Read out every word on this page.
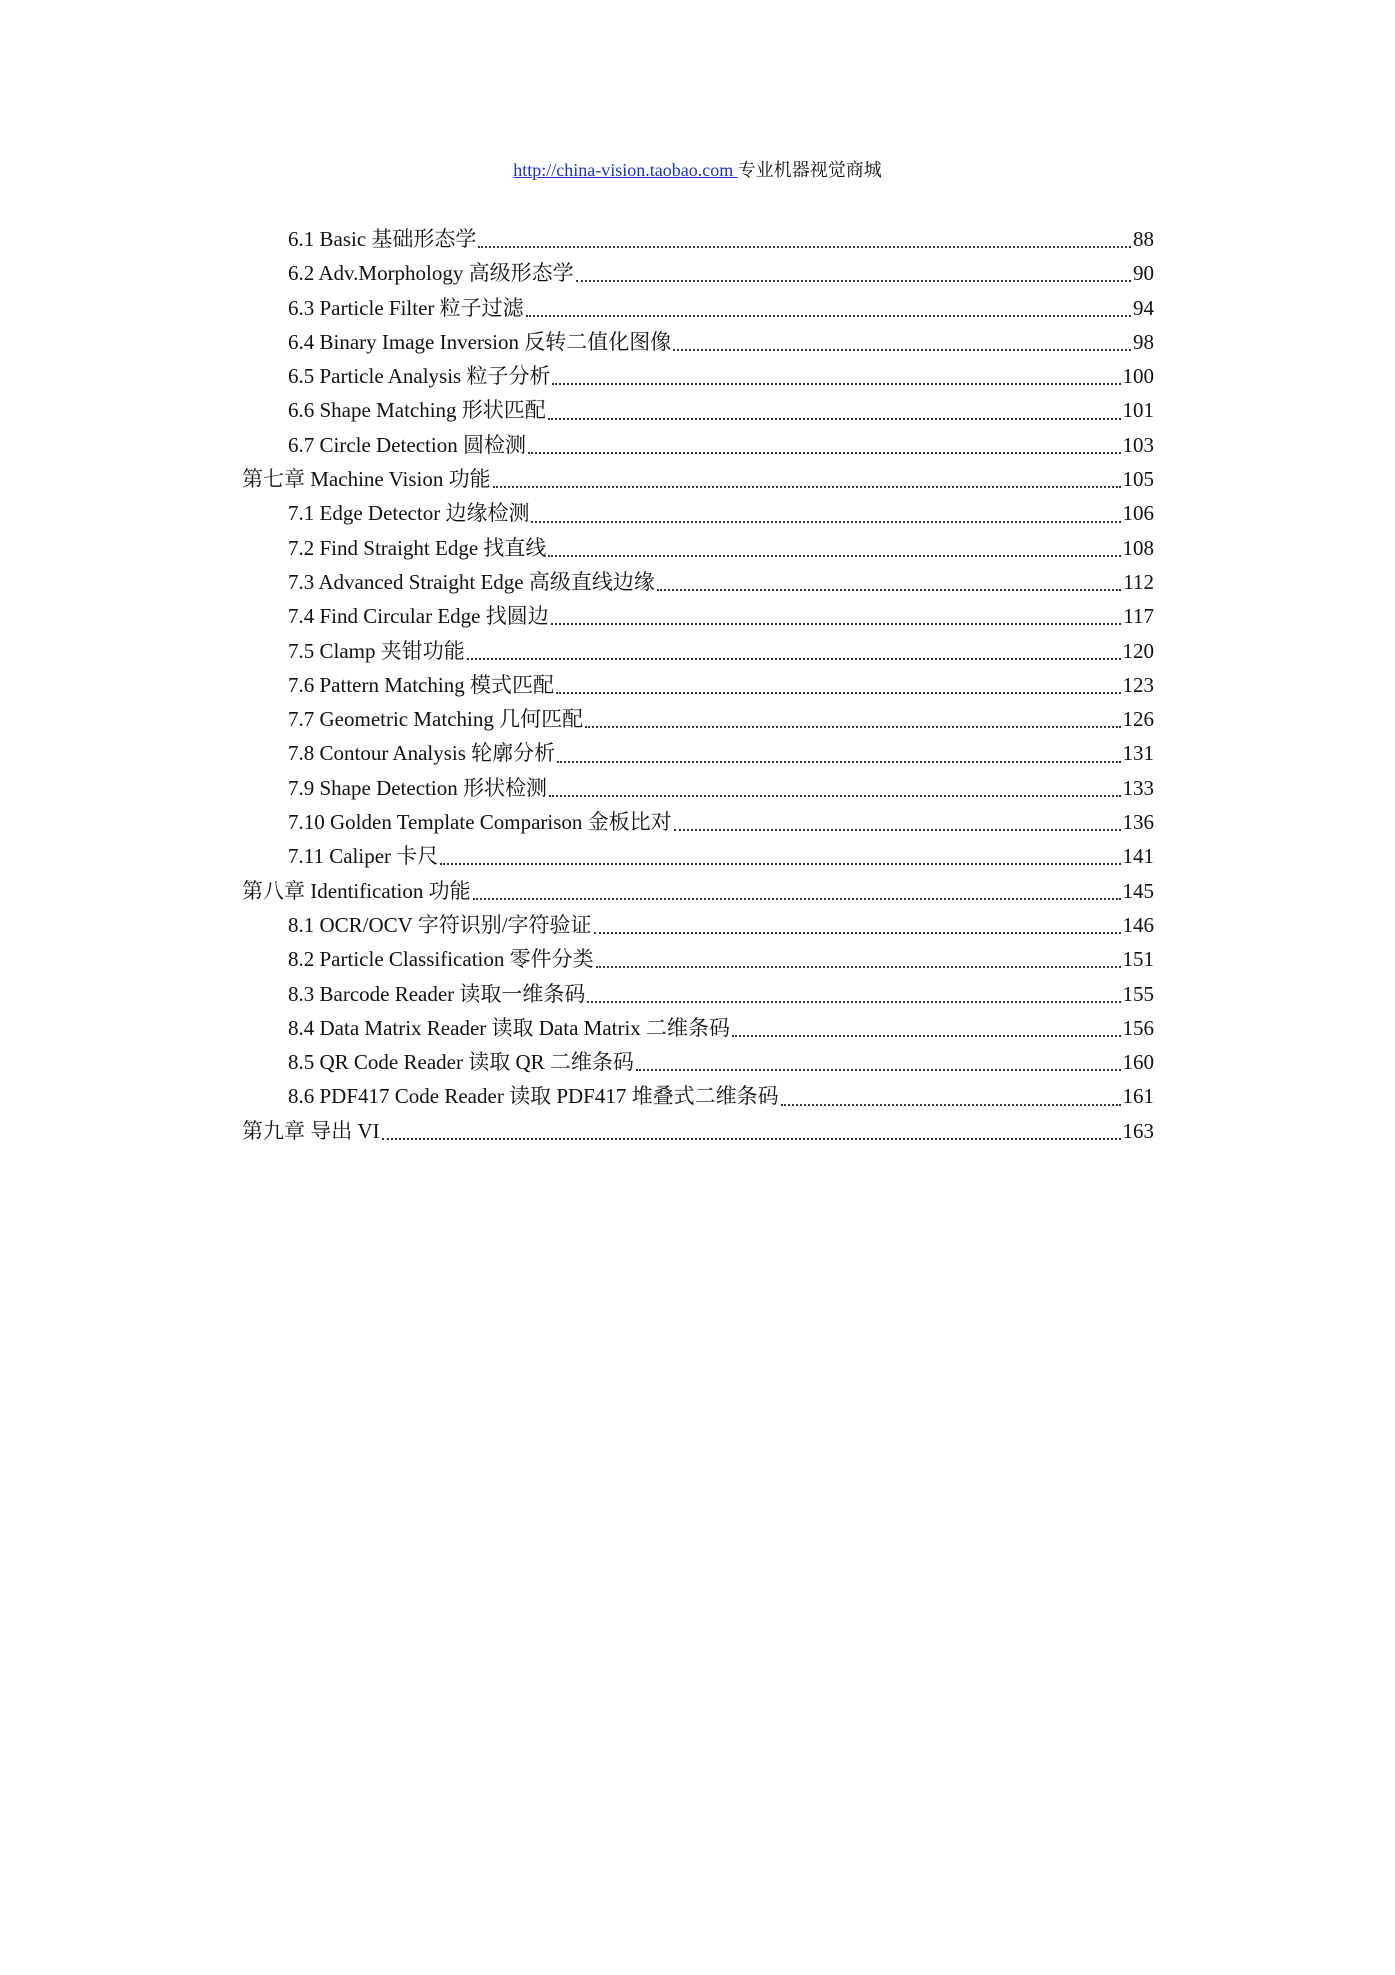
http://china-vision.taobao.com 专业机器视觉商城
6.1 Basic 基础形态学	88
6.2 Adv.Morphology 高级形态学	90
6.3 Particle Filter 粒子过滤	94
6.4 Binary Image Inversion 反转二值化图像	98
6.5 Particle Analysis 粒子分析	100
6.6 Shape Matching 形状匹配	101
6.7 Circle Detection 圆检测	103
第七章 Machine Vision 功能	105
7.1 Edge Detector 边缘检测	106
7.2 Find Straight Edge 找直线	108
7.3 Advanced Straight Edge 高级直线边缘	112
7.4 Find Circular Edge 找圆边	117
7.5 Clamp 夹钳功能	120
7.6 Pattern Matching 模式匹配	123
7.7 Geometric Matching 几何匹配	126
7.8 Contour Analysis 轮廓分析	131
7.9 Shape Detection 形状检测	133
7.10 Golden Template Comparison 金板比对	136
7.11 Caliper 卡尺	141
第八章 Identification 功能	145
8.1 OCR/OCV 字符识别/字符验证	146
8.2 Particle Classification 零件分类	151
8.3 Barcode Reader 读取一维条码	155
8.4 Data Matrix Reader 读取 Data Matrix 二维条码	156
8.5 QR Code Reader 读取 QR 二维条码	160
8.6 PDF417 Code Reader 读取 PDF417 堆叠式二维条码	161
第九章 导出 VI	163
